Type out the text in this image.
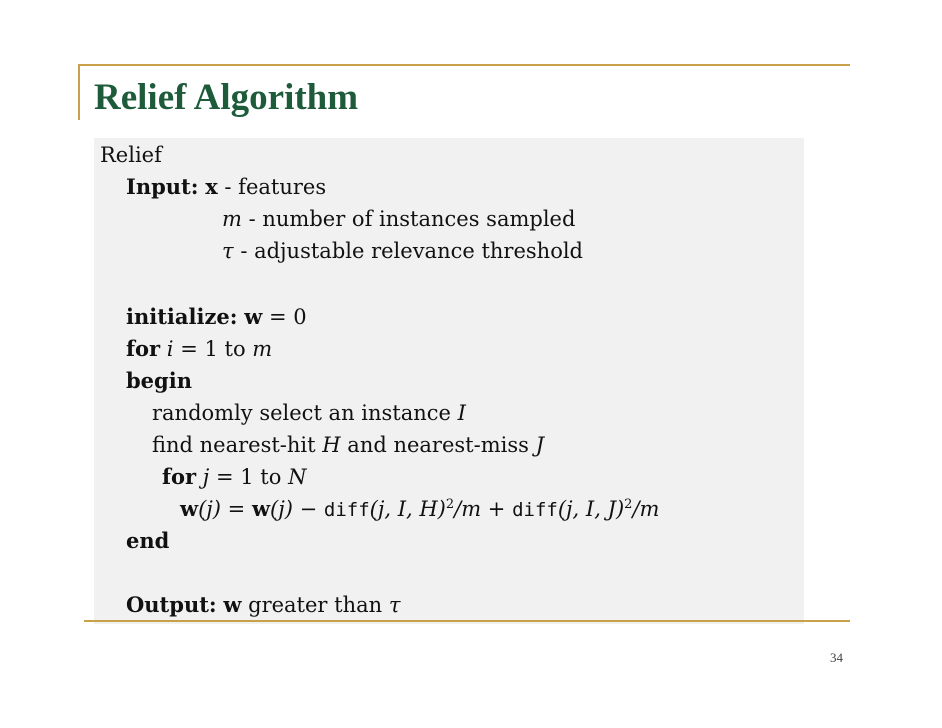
Relief Algorithm
Relief
Input: x - features
m - number of instances sampled
τ - adjustable relevance threshold
initialize: w = 0
for i = 1 to m
begin
randomly select an instance I
find nearest-hit H and nearest-miss J
for j = 1 to N
w(j) = w(j) − diff(j, I, H)$^2$/m + diff(j, I, J)$^2$/m
end
Output: w greater than τ
34
